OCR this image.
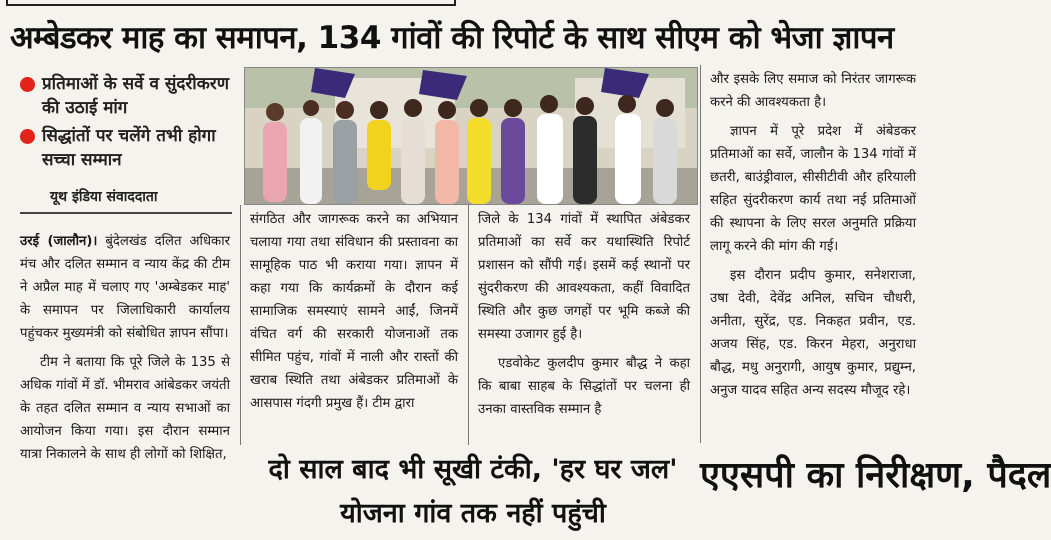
अम्बेडकर माह का समापन, 134 गांवों की रिपोर्ट के साथ सीएम को भेजा ज्ञापन
प्रतिमाओं के सर्वे व सुंदरीकरण की उठाई मांग
सिद्धांतों पर चलेंगे तभी होगा सच्चा सम्मान
यूथ इंडिया संवाददाता

उरई (जालौन)। बुंदेलखंड दलित अधिकार मंच और दलित सम्मान व न्याय केंद्र की टीम ने अप्रैल माह में चलाए गए 'अम्बेडकर माह' के समापन पर जिलाधिकारी कार्यालय पहुंचकर मुख्यमंत्री को संबोधित ज्ञापन सौंपा।

टीम ने बताया कि पूरे जिले के 135 से अधिक गांवों में डॉ. भीमराव आंबेडकर जयंती के तहत दलित सम्मान व न्याय सभाओं का आयोजन किया गया। इस दौरान सम्मान यात्रा निकालने के साथ ही लोगों को शिक्षित,

संगठित और जागरूक करने का अभियान चलाया गया तथा संविधान की प्रस्तावना का सामूहिक पाठ भी कराया गया। ज्ञापन में कहा गया कि कार्यक्रमों के दौरान कई सामाजिक समस्याएं सामने आईं, जिनमें वंचित वर्ग की सरकारी योजनाओं तक सीमित पहुंच, गांवों में नाली और रास्तों की खराब स्थिति तथा अंबेडकर प्रतिमाओं के आसपास गंदगी प्रमुख हैं। टीम द्वारा

जिले के 134 गांवों में स्थापित अंबेडकर प्रतिमाओं का सर्वे कर यथास्थिति रिपोर्ट प्रशासन को सौंपी गई। इसमें कई स्थानों पर सुंदरीकरण की आवश्यकता, कहीं विवादित स्थिति और कुछ जगहों पर भूमि कब्जे की समस्या उजागर हुई है।

एडवोकेट कुलदीप कुमार बौद्ध ने कहा कि बाबा साहब के सिद्धांतों पर चलना ही उनका वास्तविक सम्मान है

और इसके लिए समाज को निरंतर जागरूक करने की आवश्यकता है।

ज्ञापन में पूरे प्रदेश में अंबेडकर प्रतिमाओं का सर्वे, जालौन के 134 गांवों में छतरी, बाउंड्रीवाल, सीसीटीवी और हरियाली सहित सुंदरीकरण कार्य तथा नई प्रतिमाओं की स्थापना के लिए सरल अनुमति प्रक्रिया लागू करने की मांग की गई।

इस दौरान प्रदीप कुमार, सनेशराजा, उषा देवी, देवेंद्र अनिल, सचिन चौधरी, अनीता, सुरेंद्र, एड. निकहत प्रवीन, एड. अजय सिंह, एड. किरन मेहरा, अनुराधा बौद्ध, मधु अनुरागी, आयुष कुमार, प्रद्युम्न, अनुज यादव सहित अन्य सदस्य मौजूद रहे।

दो साल बाद भी सूखी टंकी, 'हर घर जल' योजना गांव तक नहीं पहुंची
एएसपी का निरीक्षण, पैदल
